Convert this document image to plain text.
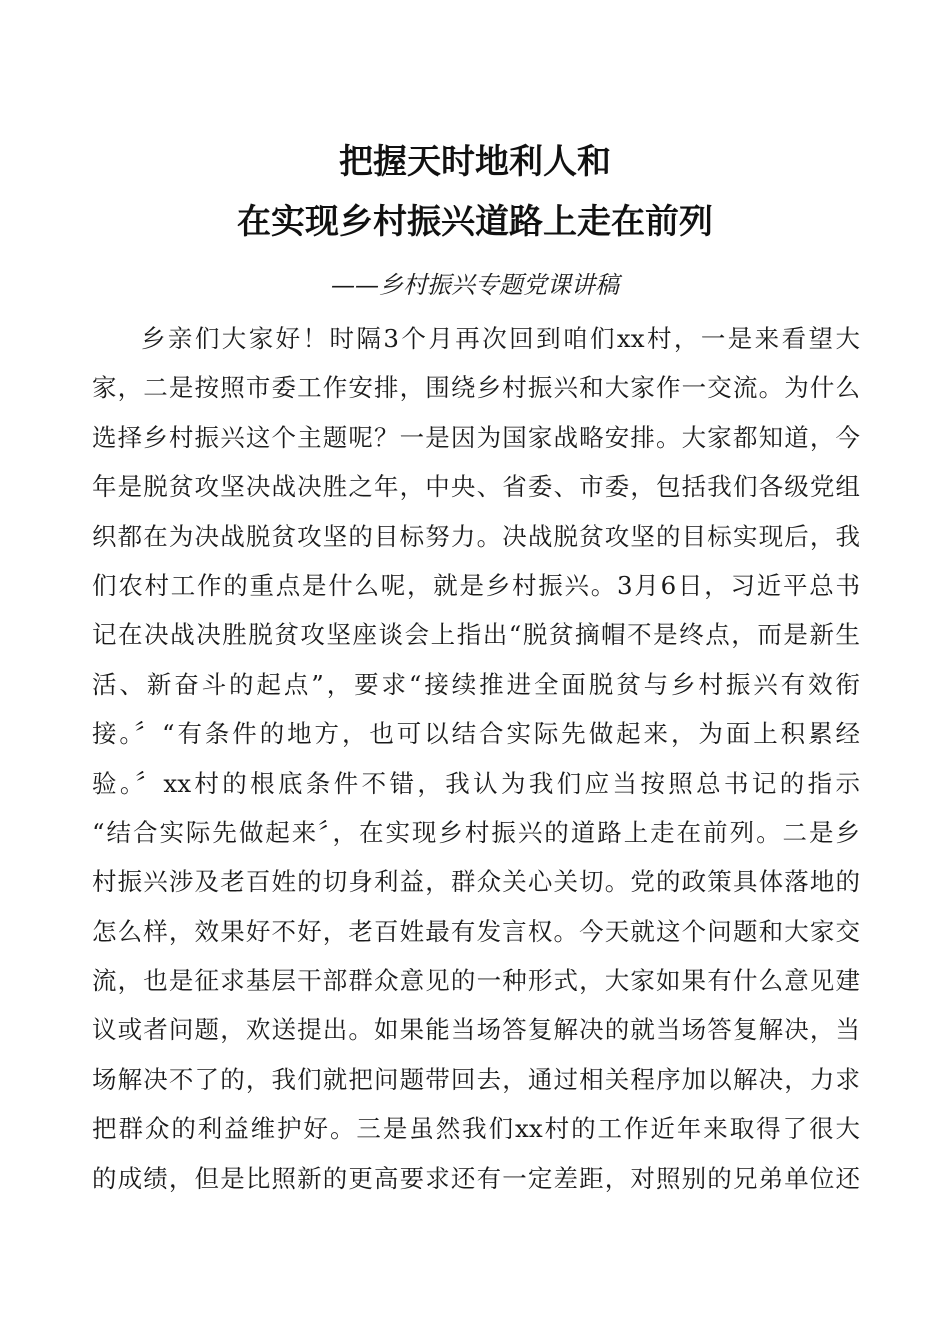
把握天时地利人和
在实现乡村振兴道路上走在前列
——乡村振兴专题党课讲稿
乡亲们大家好！时隔3个月再次回到咱们xx村，一是来看望大
家，二是按照市委工作安排，围绕乡村振兴和大家作一交流。为什么
选择乡村振兴这个主题呢？一是因为国家战略安排。大家都知道，今
年是脱贫攻坚决战决胜之年，中央、省委、市委，包括我们各级党组
织都在为决战脱贫攻坚的目标努力。决战脱贫攻坚的目标实现后，我
们农村工作的重点是什么呢，就是乡村振兴。3月6日，习近平总书
记在决战决胜脱贫攻坚座谈会上指出“脱贫摘帽不是终点，而是新生
活、新奋斗的起点”，要求“接续推进全面脱贫与乡村振兴有效衔
接。〞“有条件的地方，也可以结合实际先做起来，为面上积累经
验。〞xx村的根底条件不错，我认为我们应当按照总书记的指示
“结合实际先做起来〞，在实现乡村振兴的道路上走在前列。二是乡
村振兴涉及老百姓的切身利益，群众关心关切。党的政策具体落地的
怎么样，效果好不好，老百姓最有发言权。今天就这个问题和大家交
流，也是征求基层干部群众意见的一种形式，大家如果有什么意见建
议或者问题，欢送提出。如果能当场答复解决的就当场答复解决，当
场解决不了的，我们就把问题带回去，通过相关程序加以解决，力求
把群众的利益维护好。三是虽然我们xx村的工作近年来取得了很大
的成绩，但是比照新的更高要求还有一定差距，对照别的兄弟单位还
